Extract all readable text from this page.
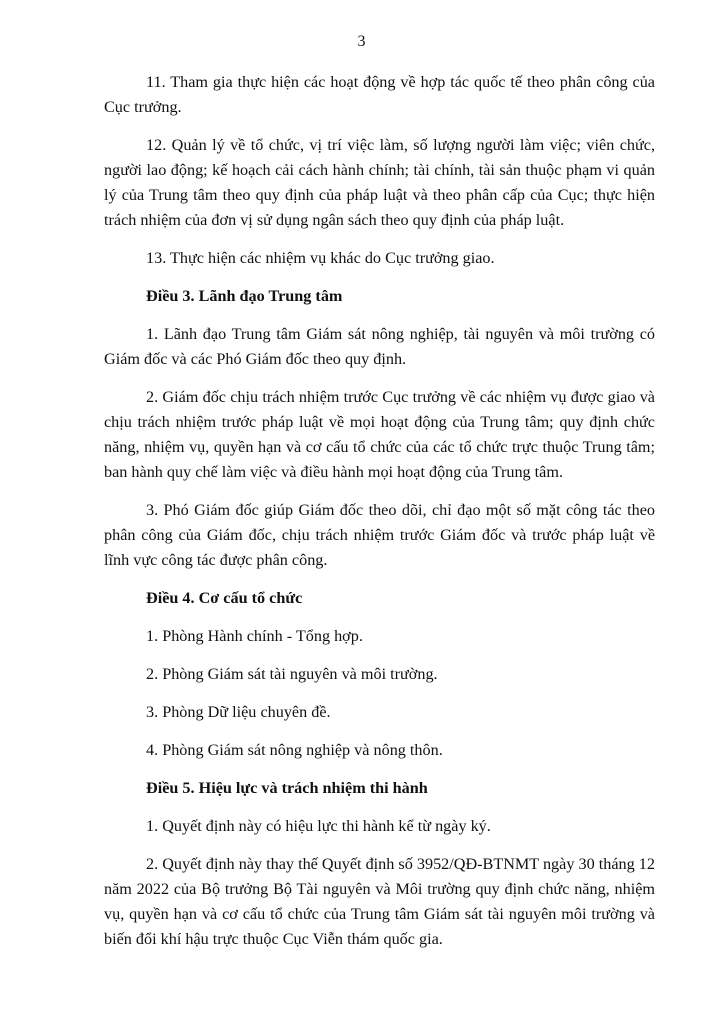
3

11. Tham gia thực hiện các hoạt động về hợp tác quốc tế theo phân công của Cục trưởng.

12. Quản lý về tổ chức, vị trí việc làm, số lượng người làm việc; viên chức, người lao động; kế hoạch cải cách hành chính; tài chính, tài sản thuộc phạm vi quản lý của Trung tâm theo quy định của pháp luật và theo phân cấp của Cục; thực hiện trách nhiệm của đơn vị sử dụng ngân sách theo quy định của pháp luật.

13. Thực hiện các nhiệm vụ khác do Cục trưởng giao.

Điều 3. Lãnh đạo Trung tâm

1. Lãnh đạo Trung tâm Giám sát nông nghiệp, tài nguyên và môi trường có Giám đốc và các Phó Giám đốc theo quy định.

2. Giám đốc chịu trách nhiệm trước Cục trưởng về các nhiệm vụ được giao và chịu trách nhiệm trước pháp luật về mọi hoạt động của Trung tâm; quy định chức năng, nhiệm vụ, quyền hạn và cơ cấu tổ chức của các tổ chức trực thuộc Trung tâm; ban hành quy chế làm việc và điều hành mọi hoạt động của Trung tâm.

3. Phó Giám đốc giúp Giám đốc theo dõi, chỉ đạo một số mặt công tác theo phân công của Giám đốc, chịu trách nhiệm trước Giám đốc và trước pháp luật về lĩnh vực công tác được phân công.

Điều 4. Cơ cấu tổ chức

1. Phòng Hành chính - Tổng hợp.

2. Phòng Giám sát tài nguyên và môi trường.

3. Phòng Dữ liệu chuyên đề.

4. Phòng Giám sát nông nghiệp và nông thôn.

Điều 5. Hiệu lực và trách nhiệm thi hành

1. Quyết định này có hiệu lực thi hành kể từ ngày ký.

2. Quyết định này thay thế Quyết định số 3952/QĐ-BTNMT ngày 30 tháng 12 năm 2022 của Bộ trưởng Bộ Tài nguyên và Môi trường quy định chức năng, nhiệm vụ, quyền hạn và cơ cấu tổ chức của Trung tâm Giám sát tài nguyên môi trường và biến đổi khí hậu trực thuộc Cục Viễn thám quốc gia.
